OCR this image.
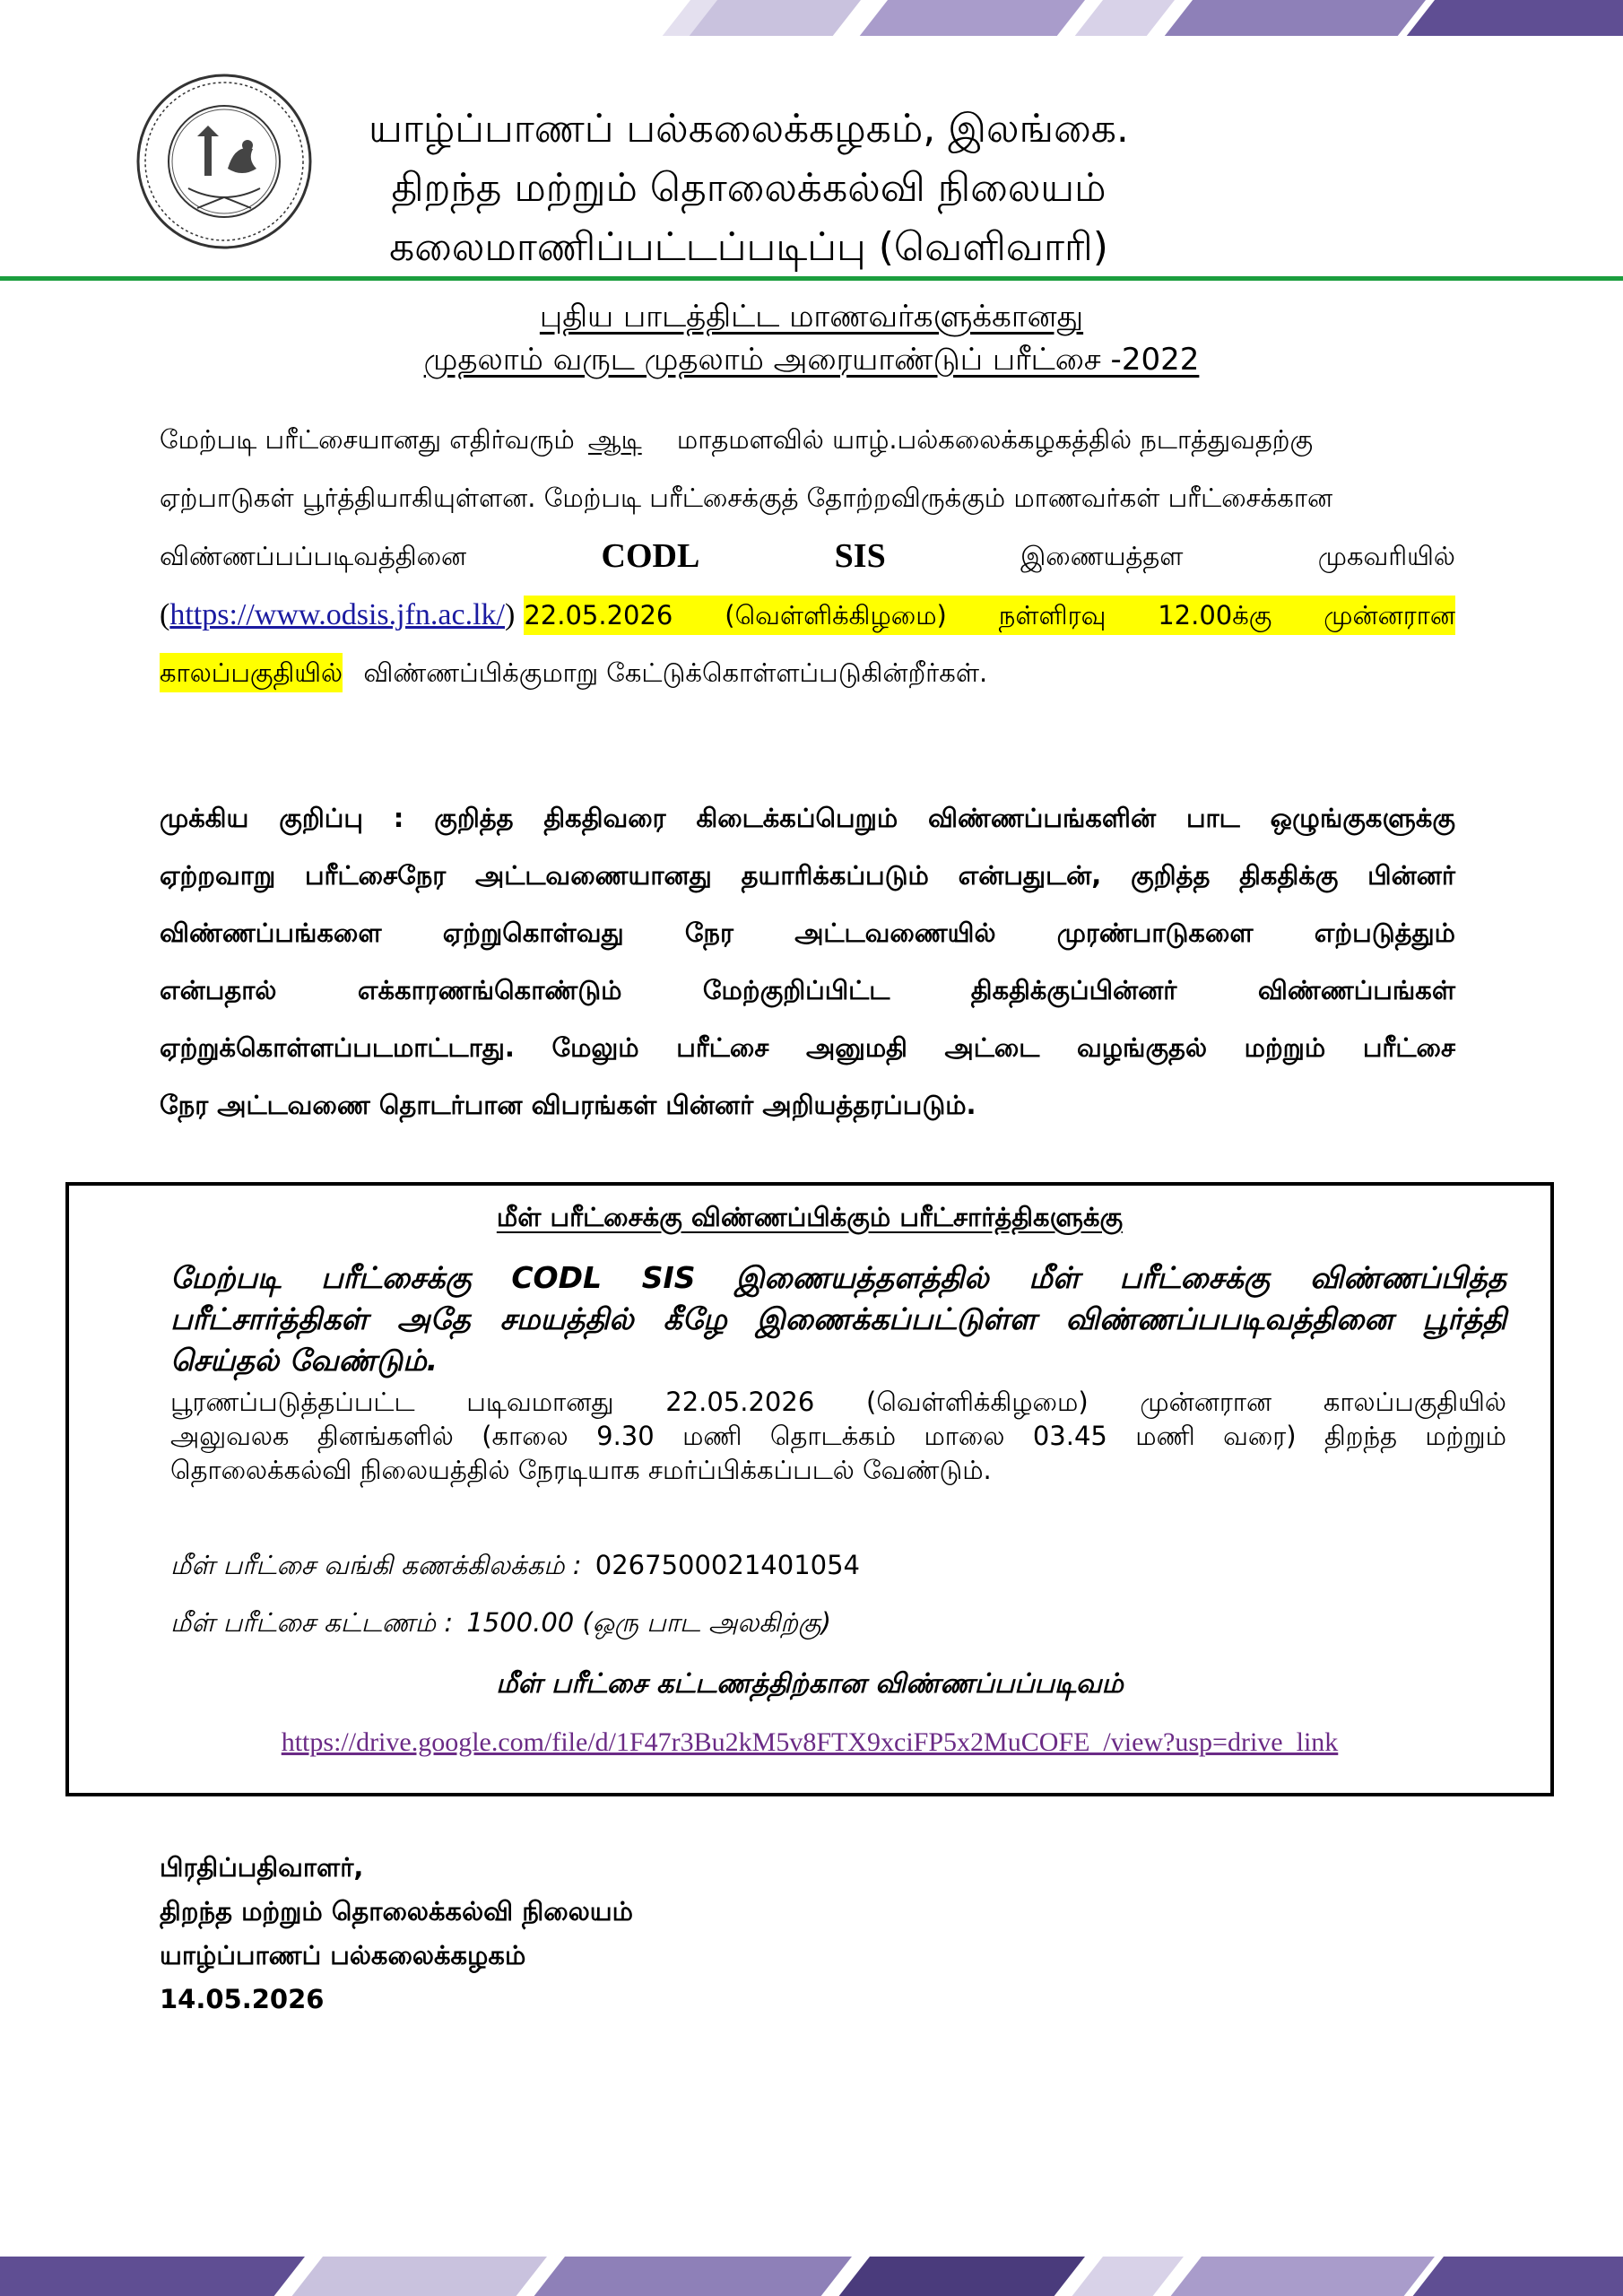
யாழ்ப்பாணப் பல்கலைக்கழகம், இலங்கை.
திறந்த மற்றும் தொலைக்கல்வி நிலையம்
கலைமாணிப்பட்டப்படிப்பு (வெளிவாரி)
புதிய பாடத்திட்ட மாணவர்களுக்கானது
முதலாம் வருட முதலாம் அரையாண்டுப் பரீட்சை -2022
மேற்படி பரீட்சையானது எதிர்வரும் ஆடி மாதமளவில் யாழ்.பல்கலைக்கழகத்தில் நடாத்துவதற்கு
ஏற்பாடுகள் பூர்த்தியாகியுள்ளன. மேற்படி பரீட்சைக்குத் தோற்றவிருக்கும் மாணவர்கள் பரீட்சைக்கான
விண்ணப்பப்படிவத்தினை	CODL	SIS	இணையத்தள	முகவரியில்
( https://www.odsis.jfn.ac.lk/ ) 22.05.2026 (வெள்ளிக்கிழமை) நள்ளிரவு 12.00க்கு முன்னரான
காலப்பகுதியில் விண்ணப்பிக்குமாறு கேட்டுக்கொள்ளப்படுகின்றீர்கள்.
முக்கிய குறிப்பு : குறித்த திகதிவரை கிடைக்கப்பெறும் விண்ணப்பங்களின் பாட ஒழுங்குகளுக்கு
ஏற்றவாறு பரீட்சைநேர அட்டவணையானது தயாரிக்கப்படும் என்பதுடன், குறித்த திகதிக்கு பின்னர்
விண்ணப்பங்களை ஏற்றுகொள்வது நேர அட்டவணையில் முரண்பாடுகளை எற்படுத்தும்
என்பதால் எக்காரணங்கொண்டும் மேற்குறிப்பிட்ட திகதிக்குப்பின்னர் விண்ணப்பங்கள்
ஏற்றுக்கொள்ளப்படமாட்டாது. மேலும் பரீட்சை அனுமதி அட்டை வழங்குதல் மற்றும் பரீட்சை
நேர அட்டவணை தொடர்பான விபரங்கள் பின்னர் அறியத்தரப்படும்.
மீள் பரீட்சைக்கு விண்ணப்பிக்கும் பரீட்சார்த்திகளுக்கு
மேற்படி பரீட்சைக்கு CODL SIS இணையத்தளத்தில் மீள் பரீட்சைக்கு விண்ணப்பித்த
பரீட்சார்த்திகள் அதே சமயத்தில் கீழே இணைக்கப்பட்டுள்ள விண்ணப்பபடிவத்தினை பூர்த்தி
செய்தல் வேண்டும்.
பூரணப்படுத்தப்பட்ட படிவமானது 22.05.2026 (வெள்ளிக்கிழமை) முன்னரான காலப்பகுதியில்
அலுவலக தினங்களில் (காலை 9.30 மணி தொடக்கம் மாலை 03.45 மணி வரை) திறந்த மற்றும்
தொலைக்கல்வி நிலையத்தில் நேரடியாக சமர்ப்பிக்கப்படல் வேண்டும்.
மீள் பரீட்சை வங்கி கணக்கிலக்கம் : 0267500021401054
மீள் பரீட்சை கட்டணம் : 1500.00 (ஒரு பாட அலகிற்கு)
மீள் பரீட்சை கட்டணத்திற்கான விண்ணப்பப்படிவம்
https://drive.google.com/file/d/1F47r3Bu2kM5v8FTX9xciFP5x2MuCOFE_/view?usp=drive_link
பிரதிப்பதிவாளர்,
திறந்த மற்றும் தொலைக்கல்வி நிலையம்
யாழ்ப்பாணப் பல்கலைக்கழகம்
14.05.2026
